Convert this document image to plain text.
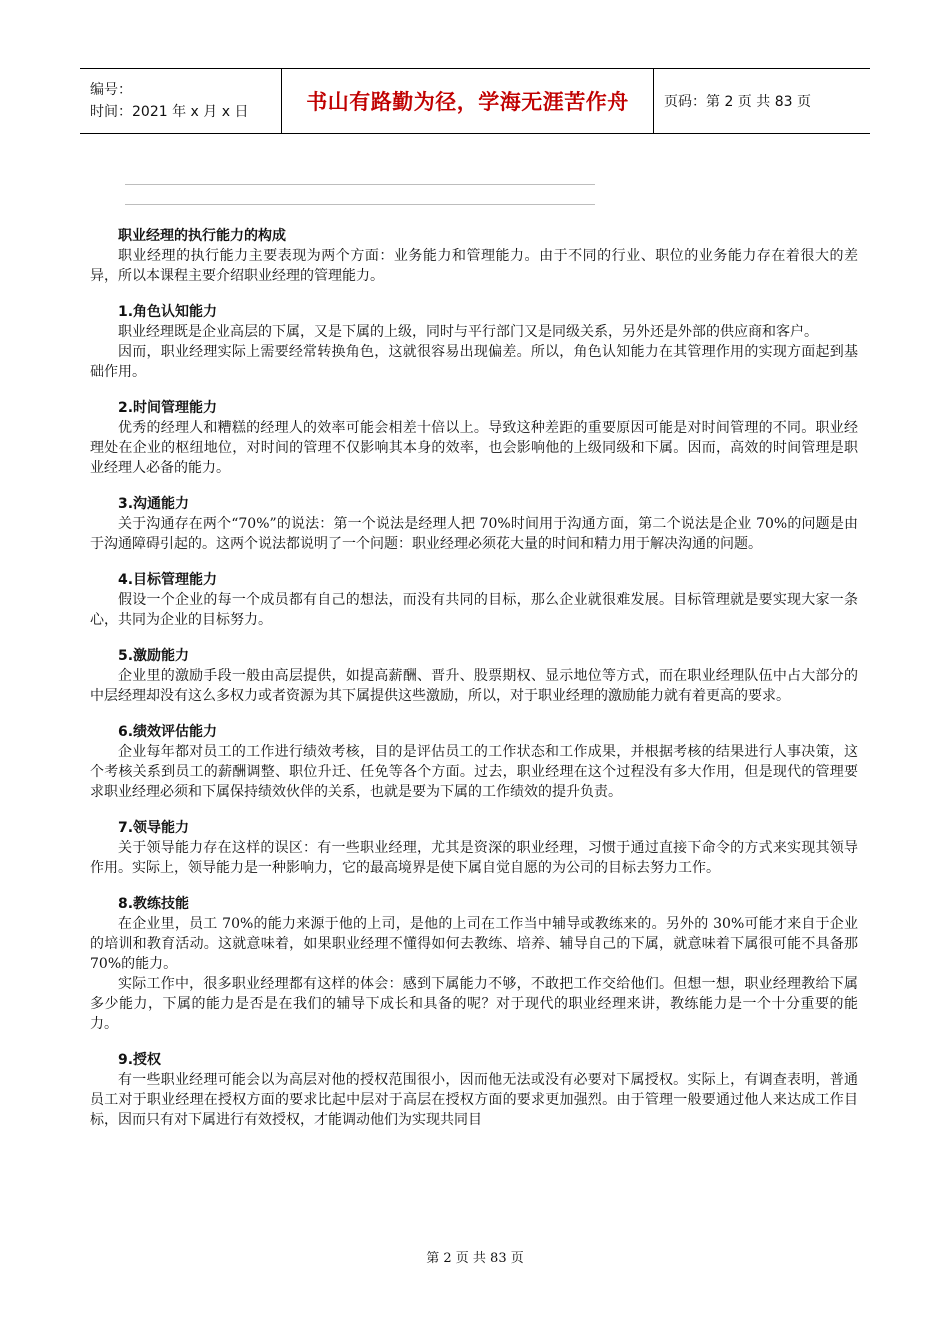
编号：
时间：2021 年 x 月 x 日	书山有路勤为径，学海无涯苦作舟	页码：第 2 页 共 83 页
职业经理的执行能力的构成

职业经理的执行能力主要表现为两个方面：业务能力和管理能力。由于不同的行业、职位的业务能力存在着很大的差异，所以本课程主要介绍职业经理的管理能力。

1.角色认知能力

职业经理既是企业高层的下属，又是下属的上级，同时与平行部门又是同级关系，另外还是外部的供应商和客户。

因而，职业经理实际上需要经常转换角色，这就很容易出现偏差。所以，角色认知能力在其管理作用的实现方面起到基础作用。

2.时间管理能力

优秀的经理人和糟糕的经理人的效率可能会相差十倍以上。导致这种差距的重要原因可能是对时间管理的不同。职业经理处在企业的枢纽地位，对时间的管理不仅影响其本身的效率，也会影响他的上级同级和下属。因而，高效的时间管理是职业经理人必备的能力。

3.沟通能力

关于沟通存在两个“70%”的说法：第一个说法是经理人把 70%时间用于沟通方面，第二个说法是企业 70%的问题是由于沟通障碍引起的。这两个说法都说明了一个问题：职业经理必须花大量的时间和精力用于解决沟通的问题。

4.目标管理能力

假设一个企业的每一个成员都有自己的想法，而没有共同的目标，那么企业就很难发展。目标管理就是要实现大家一条心，共同为企业的目标努力。

5.激励能力

企业里的激励手段一般由高层提供，如提高薪酬、晋升、股票期权、显示地位等方式，而在职业经理队伍中占大部分的中层经理却没有这么多权力或者资源为其下属提供这些激励，所以，对于职业经理的激励能力就有着更高的要求。

6.绩效评估能力

企业每年都对员工的工作进行绩效考核，目的是评估员工的工作状态和工作成果，并根据考核的结果进行人事决策，这个考核关系到员工的薪酬调整、职位升迁、任免等各个方面。过去，职业经理在这个过程没有多大作用，但是现代的管理要求职业经理必须和下属保持绩效伙伴的关系，也就是要为下属的工作绩效的提升负责。

7.领导能力

关于领导能力存在这样的误区：有一些职业经理，尤其是资深的职业经理，习惯于通过直接下命令的方式来实现其领导作用。实际上，领导能力是一种影响力，它的最高境界是使下属自觉自愿的为公司的目标去努力工作。

8.教练技能

在企业里，员工 70%的能力来源于他的上司，是他的上司在工作当中辅导或教练来的。另外的 30%可能才来自于企业的培训和教育活动。这就意味着，如果职业经理不懂得如何去教练、培养、辅导自己的下属，就意味着下属很可能不具备那 70%的能力。

实际工作中，很多职业经理都有这样的体会：感到下属能力不够，不敢把工作交给他们。但想一想，职业经理教给下属多少能力，下属的能力是否是在我们的辅导下成长和具备的呢？对于现代的职业经理来讲，教练能力是一个十分重要的能力。

9.授权

有一些职业经理可能会以为高层对他的授权范围很小，因而他无法或没有必要对下属授权。实际上，有调查表明，普通员工对于职业经理在授权方面的要求比起中层对于高层在授权方面的要求更加强烈。由于管理一般要通过他人来达成工作目标，因而只有对下属进行有效授权，才能调动他们为实现共同目

第 2 页 共 83 页
